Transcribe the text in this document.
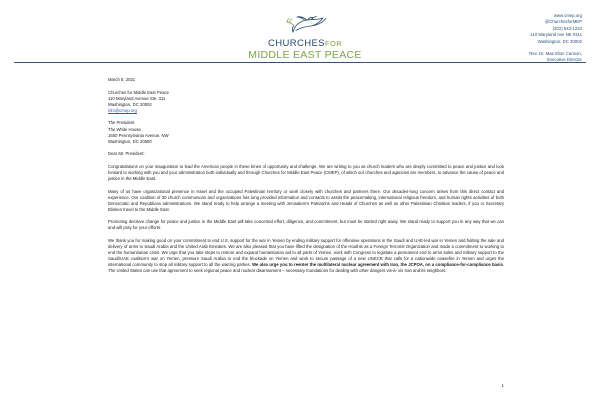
CHURCHESFOR
MIDDLE EAST PEACE
www.cmep.org
@ChurchesforMEP
(202) 543-1222
110 Maryland Ave NE #311
Washington, DC 20002
Rev. Dr. Mae Elise Cannon,
Executive Director
March 8, 2021
Churches for Middle East Peace
110 Maryland Avenue Ste. 311
Washington, DC 20002
info@cmep.org
The President
The White House
1600 Pennsylvania Avenue, NW
Washington, DC 20500
Dear Mr. President:

Congratulations on your inauguration to lead the American people in these times of opportunity and challenge. We are writing to you as church leaders who are deeply committed to peace and justice and look forward to working with you and your administration both individually and through Churches for Middle East Peace (CMEP), of which our churches and agencies are members, to advance the cause of peace and justice in the Middle East.

Many of us have organizational presence in Israel and the occupied Palestinian territory or work closely with churches and partners there. Our decades-long concern arises from this direct contact and experience. Our coalition of 30 church communions and organizations has long provided information and contacts to assist the peacemaking, international religious freedom, and human rights activities of both Democratic and Republican administrations. We stand ready to help arrange a meeting with Jerusalem's Patriarchs and Heads of Churches as well as other Palestinian Christian leaders, if you or Secretary Blinken travel to the Middle East.

Promoting decisive change for peace and justice in the Middle East will take concerted effort, diligence, and commitment, but must be started right away. We stand ready to support you in any way that we can and will pray for your efforts.

We thank you for making good on your commitment to end U.S. support for the war in Yemen by ending military support for offensive operations in the Saudi and UAE-led war in Yemen and halting the sale and delivery of arms to Saudi Arabia and the United Arab Emirates. We are also pleased that you have lifted the designation of the Houthis as a Foreign Terrorist Organization and made a commitment to working to end the humanitarian crisis. We urge that you take steps to restore and expand humanitarian aid to all parts of Yemen, work with Congress to legislate a permanent end to arms sales and military support to the Saudi/UAE coalition's war on Yemen, pressure Saudi Arabia to end the blockade on Yemen and work to secure passage of a new UNSCR that calls for a nationwide ceasefire in Yemen and urges the international community to stop all military support to all the warring parties. We also urge you to reenter the multilateral nuclear agreement with Iran, the JCPOA, on a compliance-for-compliance basis. The United States can use that agreement to seek regional peace and nuclear disarmament – necessary foundations for dealing with other dangers vis-à- vis Iran and its neighbors.

1
